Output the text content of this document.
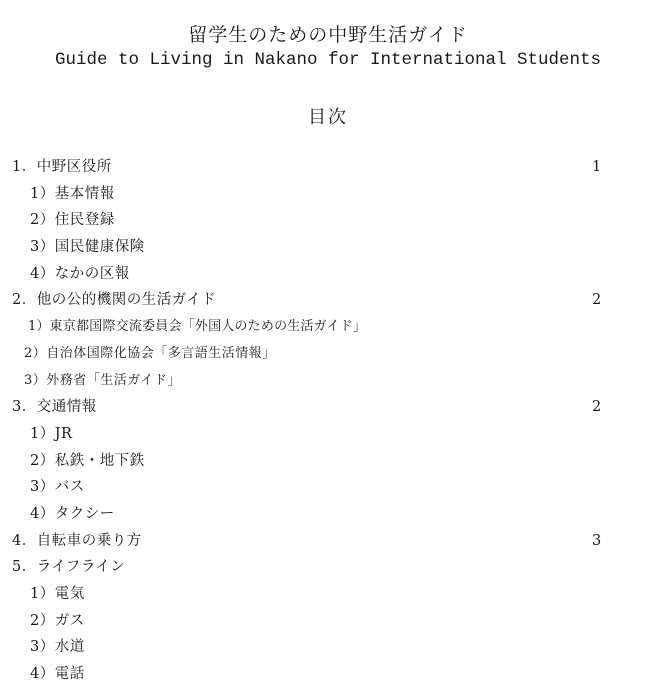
留学生のための中野生活ガイド
Guide to Living in Nakano for International Students
目次
1．中野区役所	1
1）基本情報
2）住民登録
3）国民健康保険
4）なかの区報
2．他の公的機関の生活ガイド	2
1）東京都国際交流委員会「外国人のための生活ガイド」
2）自治体国際化協会「多言語生活情報」
3）外務省「生活ガイド」
3．交通情報	2
1）JR
2）私鉄・地下鉄
3）バス
4）タクシー
4．自転車の乗り方	3
5．ライフライン
1）電気
2）ガス
3）水道
4）電話
